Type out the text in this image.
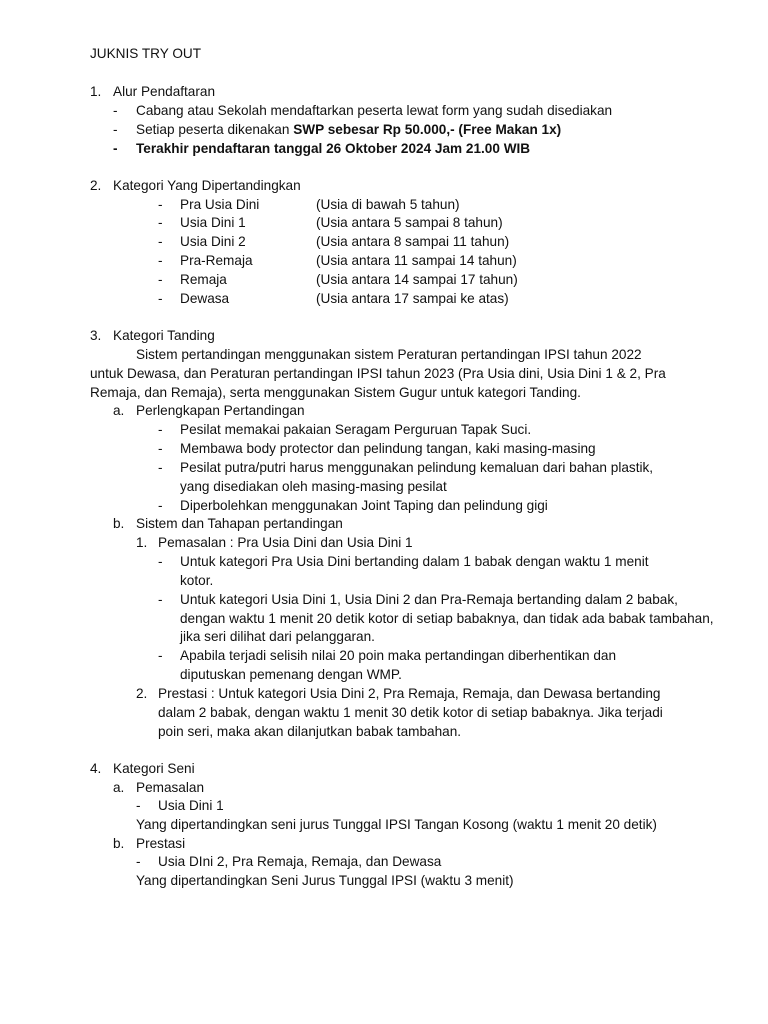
JUKNIS TRY OUT
1. Alur Pendaftaran
- Cabang atau Sekolah mendaftarkan peserta lewat form yang sudah disediakan
- Setiap peserta dikenakan SWP sebesar Rp 50.000,- (Free Makan 1x)
- Terakhir pendaftaran tanggal 26 Oktober 2024 Jam 21.00 WIB
2. Kategori Yang Dipertandingkan
- Pra Usia Dini	(Usia di bawah 5 tahun)
- Usia Dini 1	(Usia antara 5 sampai 8 tahun)
- Usia Dini 2	(Usia antara 8 sampai 11 tahun)
- Pra-Remaja	(Usia antara 11 sampai 14 tahun)
- Remaja	(Usia antara 14 sampai 17 tahun)
- Dewasa	(Usia antara 17 sampai ke atas)
3. Kategori Tanding
Sistem pertandingan menggunakan sistem Peraturan pertandingan IPSI tahun 2022
untuk Dewasa, dan Peraturan pertandingan IPSI tahun 2023 (Pra Usia dini, Usia Dini 1 & 2, Pra
Remaja, dan Remaja), serta menggunakan Sistem Gugur untuk kategori Tanding.
a. Perlengkapan Pertandingan
- Pesilat memakai pakaian Seragam Perguruan Tapak Suci.
- Membawa body protector dan pelindung tangan, kaki masing-masing
- Pesilat putra/putri harus menggunakan pelindung kemaluan dari bahan plastik,
yang disediakan oleh masing-masing pesilat
- Diperbolehkan menggunakan Joint Taping dan pelindung gigi
b. Sistem dan Tahapan pertandingan
1. Pemasalan : Pra Usia Dini dan Usia Dini 1
- Untuk kategori Pra Usia Dini bertanding dalam 1 babak dengan waktu 1 menit
kotor.
- Untuk kategori Usia Dini 1, Usia Dini 2 dan Pra-Remaja bertanding dalam 2 babak,
dengan waktu 1 menit 20 detik kotor di setiap babaknya, dan tidak ada babak tambahan,
jika seri dilihat dari pelanggaran.
- Apabila terjadi selisih nilai 20 poin maka pertandingan diberhentikan dan
diputuskan pemenang dengan WMP.
2. Prestasi : Untuk kategori Usia Dini 2, Pra Remaja, Remaja, dan Dewasa bertanding
dalam 2 babak, dengan waktu 1 menit 30 detik kotor di setiap babaknya. Jika terjadi
poin seri, maka akan dilanjutkan babak tambahan.
4. Kategori Seni
a. Pemasalan
- Usia Dini 1
Yang dipertandingkan seni jurus Tunggal IPSI Tangan Kosong (waktu 1 menit 20 detik)
b. Prestasi
- Usia DIni 2, Pra Remaja, Remaja, dan Dewasa
Yang dipertandingkan Seni Jurus Tunggal IPSI (waktu 3 menit)
